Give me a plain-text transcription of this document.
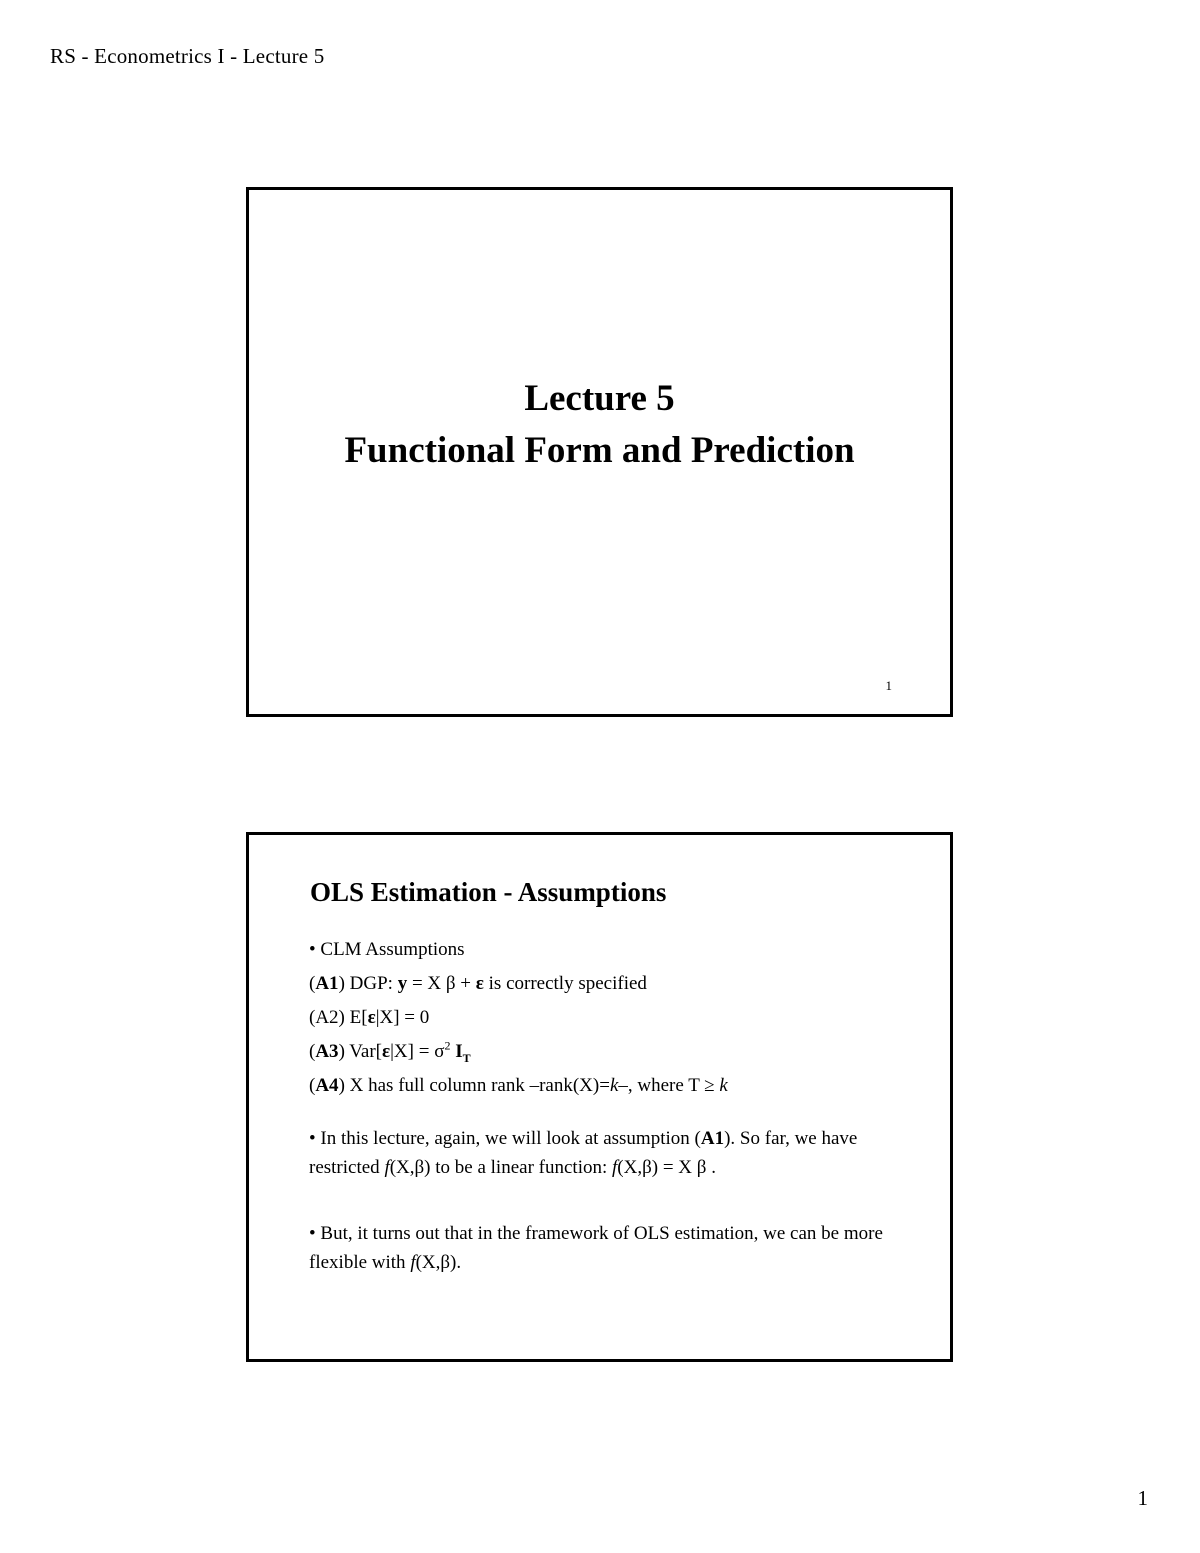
RS - Econometrics I - Lecture 5
Lecture 5
Functional Form and Prediction
1
OLS Estimation - Assumptions
• CLM Assumptions
(A1) DGP: y = X β + ε is correctly specified
(A2) E[ε|X] = 0
(A3) $Var[\varepsilon|X] = \sigma^2$ $I_T$
(A4) X has full column rank –rank(X)=k–, where T ≥ k
• In this lecture, again, we will look at assumption (A1). So far, we have restricted f(X,β) to be a linear function: f(X,β) = X β .
• But, it turns out that in the framework of OLS estimation, we can be more flexible with f(X,β).
1
